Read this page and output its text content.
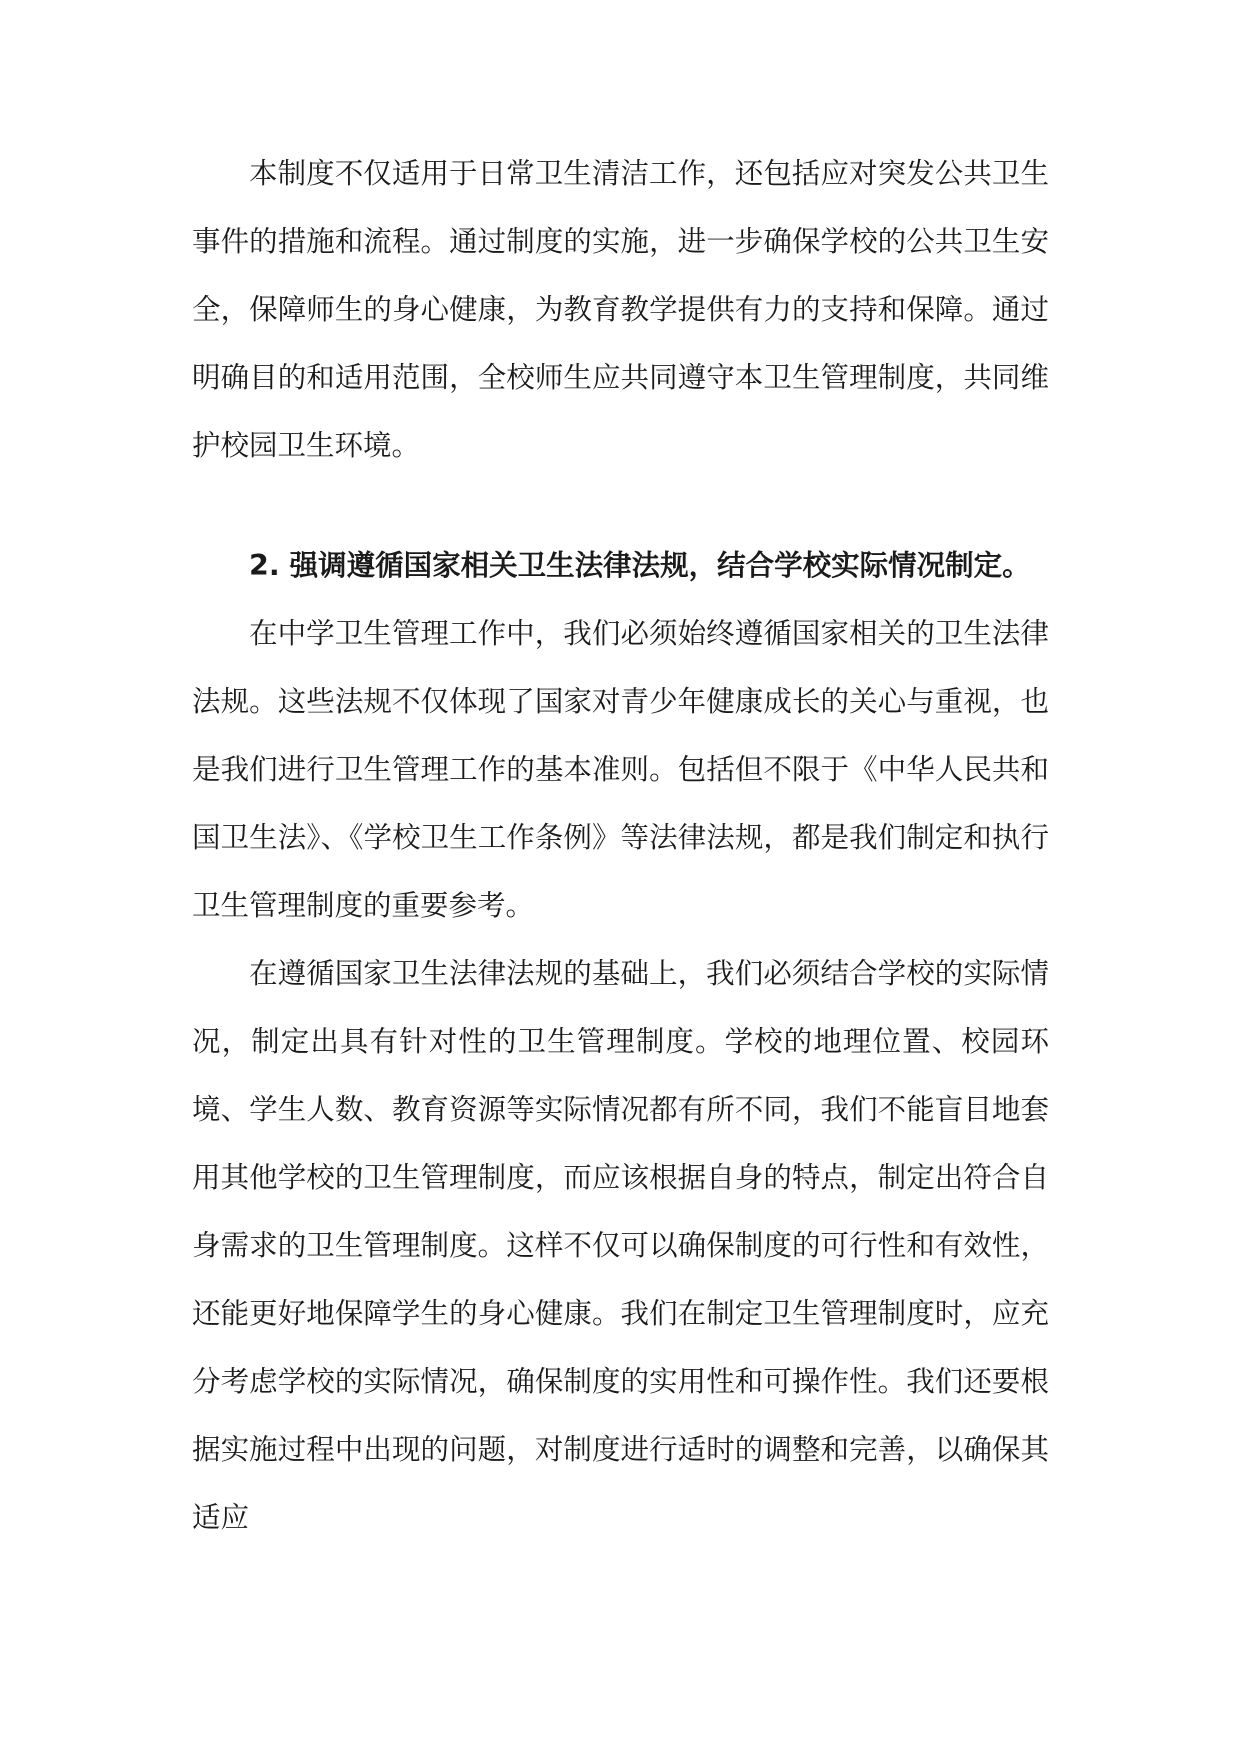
本制度不仅适用于日常卫生清洁工作，还包括应对突发公共卫生事件的措施和流程。通过制度的实施，进一步确保学校的公共卫生安全，保障师生的身心健康，为教育教学提供有力的支持和保障。通过明确目的和适用范围，全校师生应共同遵守本卫生管理制度，共同维护校园卫生环境。

2. 强调遵循国家相关卫生法律法规，结合学校实际情况制定。

在中学卫生管理工作中，我们必须始终遵循国家相关的卫生法律法规。这些法规不仅体现了国家对青少年健康成长的关心与重视，也是我们进行卫生管理工作的基本准则。包括但不限于《中华人民共和国卫生法》、《学校卫生工作条例》等法律法规，都是我们制定和执行卫生管理制度的重要参考。

在遵循国家卫生法律法规的基础上，我们必须结合学校的实际情况，制定出具有针对性的卫生管理制度。学校的地理位置、校园环境、学生人数、教育资源等实际情况都有所不同，我们不能盲目地套用其他学校的卫生管理制度，而应该根据自身的特点，制定出符合自身需求的卫生管理制度。这样不仅可以确保制度的可行性和有效性，还能更好地保障学生的身心健康。我们在制定卫生管理制度时，应充分考虑学校的实际情况，确保制度的实用性和可操作性。我们还要根据实施过程中出现的问题，对制度进行适时的调整和完善，以确保其适应
